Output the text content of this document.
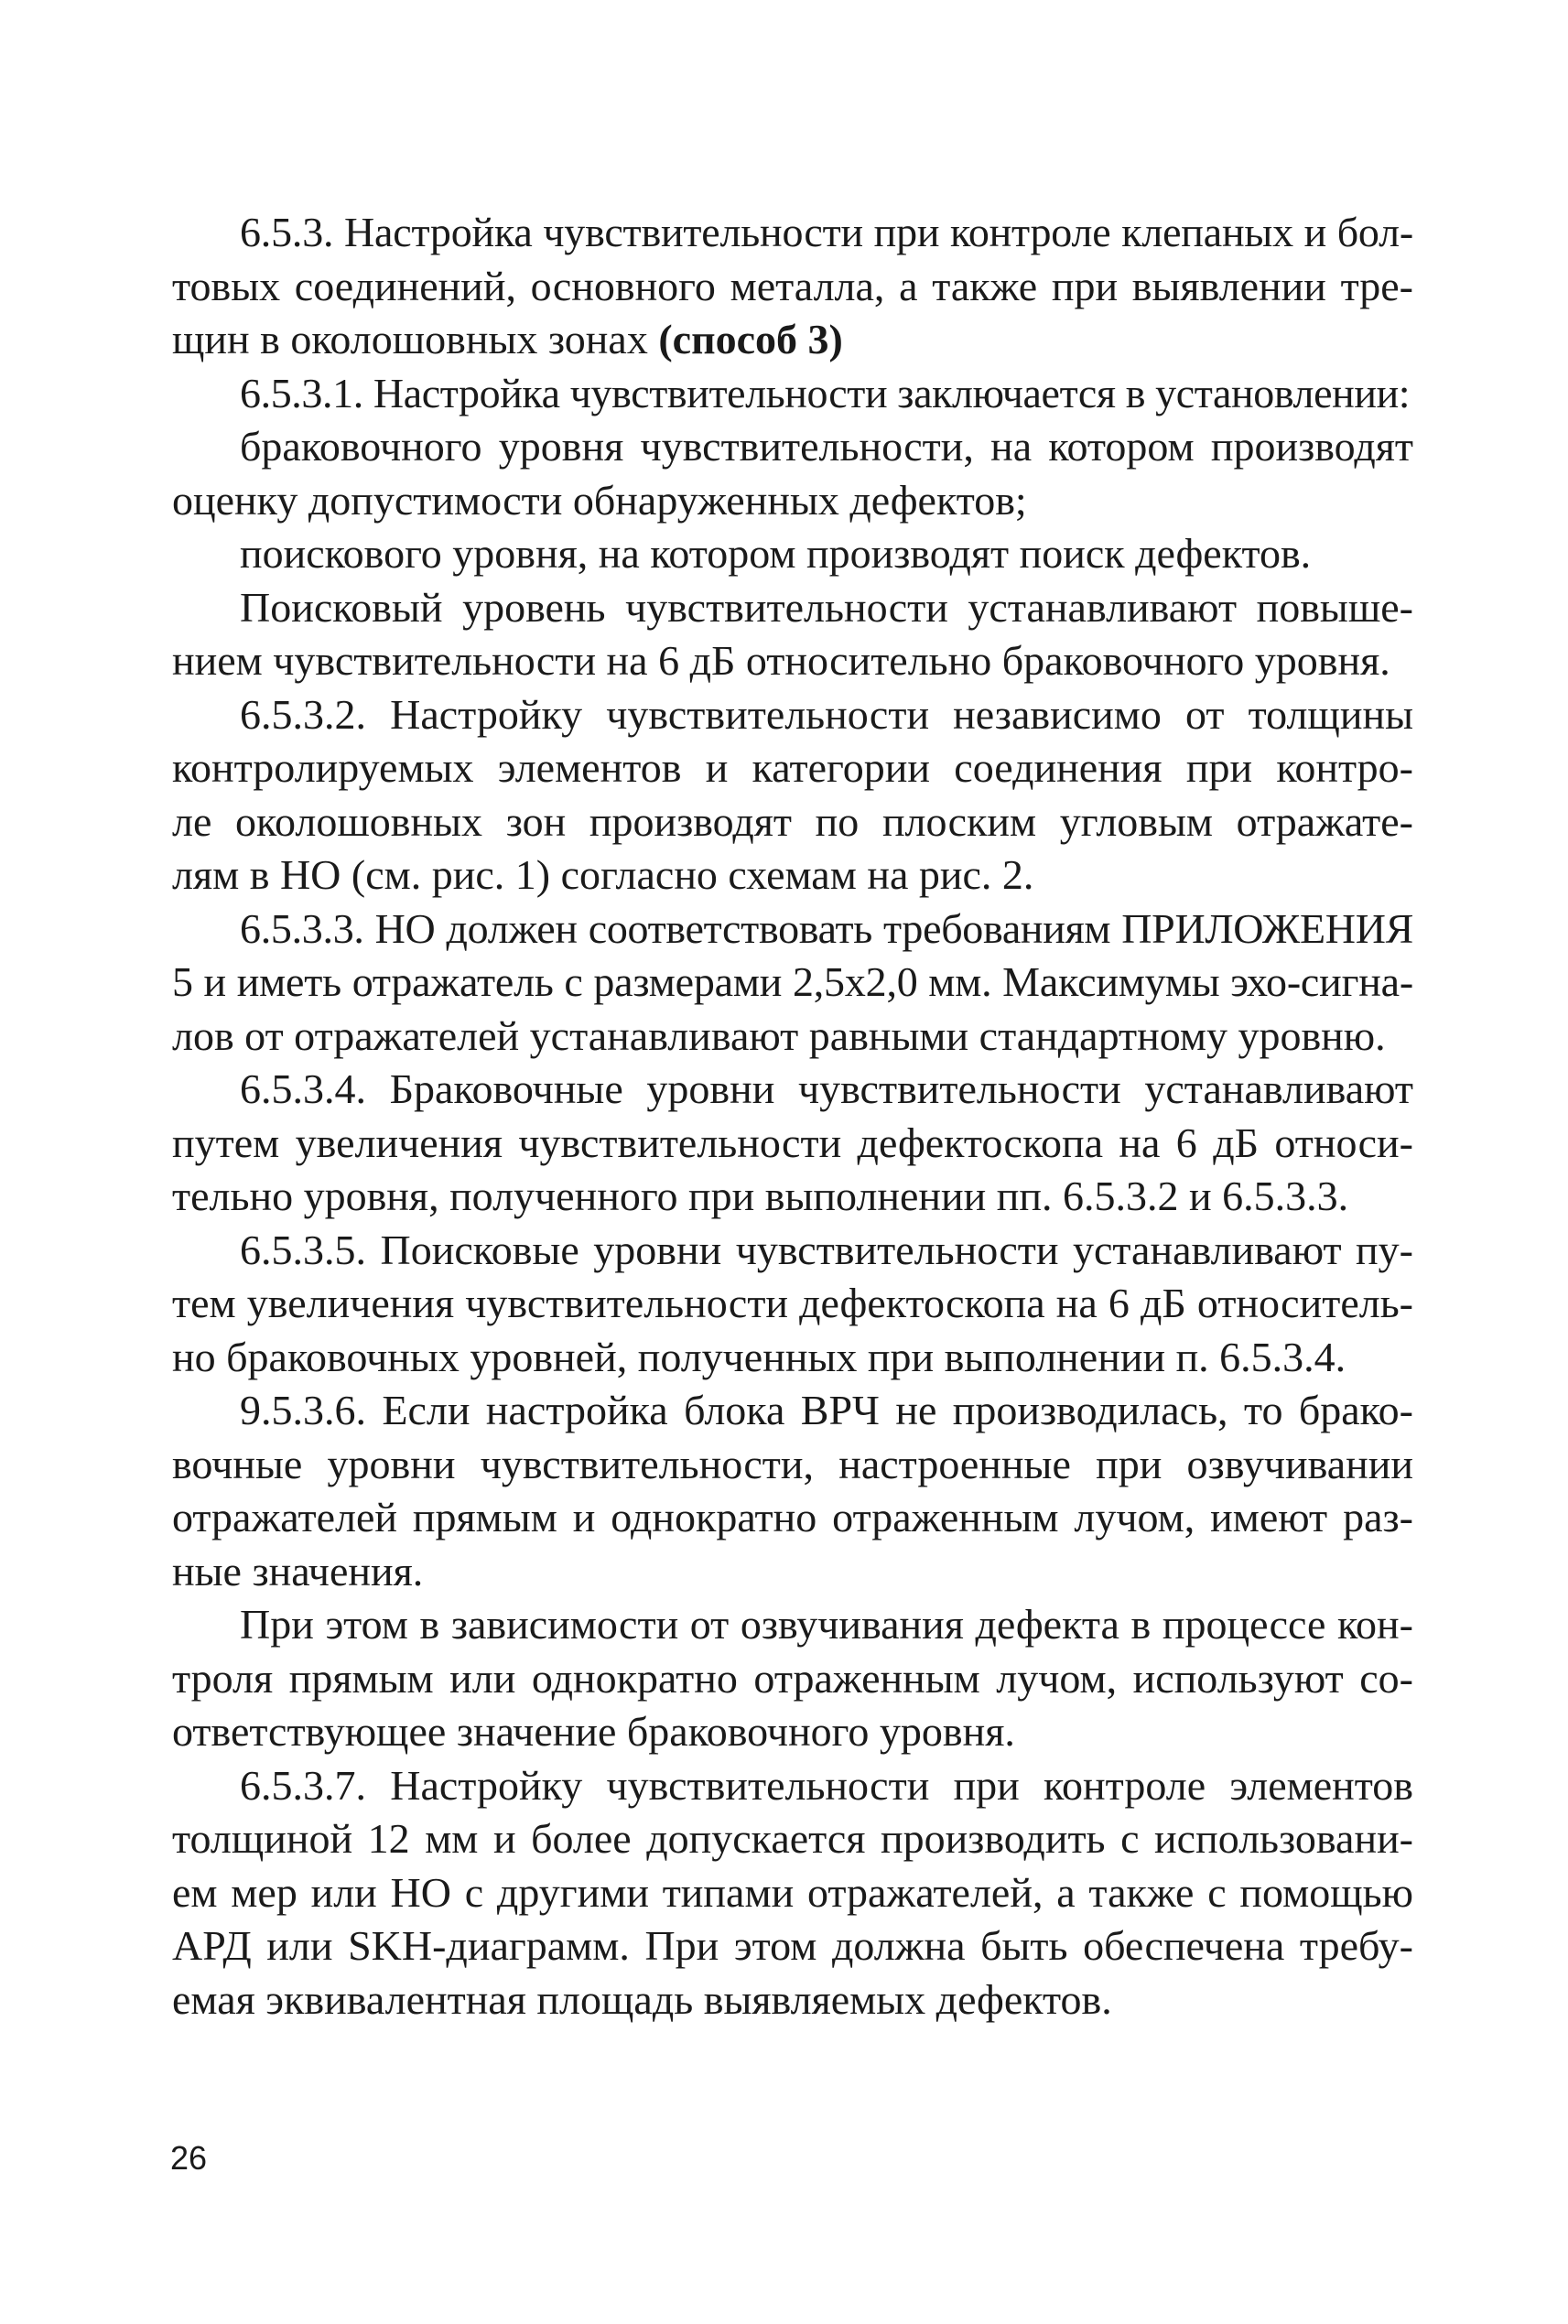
6.5.3. Настройка чувствительности при контроле клепаных и бол-
товых соединений, основного металла, а также при выявлении тре-
щин в околошовных зонах (способ 3)
6.5.3.1. Настройка чувствительности заключается в установлении:
браковочного уровня чувствительности, на котором производят
оценку допустимости обнаруженных дефектов;
поискового уровня, на котором производят поиск дефектов.
Поисковый уровень чувствительности устанавливают повыше-
нием чувствительности на 6 дБ относительно браковочного уровня.
6.5.3.2. Настройку чувствительности независимо от толщины
контролируемых элементов и категории соединения при контро-
ле околошовных зон производят по плоским угловым отражате-
лям в НО (см. рис. 1) согласно схемам на рис. 2.
6.5.3.3. НО должен соответствовать требованиям ПРИЛОЖЕНИЯ
5 и иметь отражатель с размерами 2,5х2,0 мм. Максимумы эхо-сигна-
лов от отражателей устанавливают равными стандартному уровню.
6.5.3.4. Браковочные уровни чувствительности устанавливают
путем увеличения чувствительности дефектоскопа на 6 дБ относи-
тельно уровня, полученного при выполнении пп. 6.5.3.2 и 6.5.3.3.
6.5.3.5. Поисковые уровни чувствительности устанавливают пу-
тем увеличения чувствительности дефектоскопа на 6 дБ относитель-
но браковочных уровней, полученных при выполнении п. 6.5.3.4.
9.5.3.6. Если настройка блока ВРЧ не производилась, то брако-
вочные уровни чувствительности, настроенные при озвучивании
отражателей прямым и однократно отраженным лучом, имеют раз-
ные значения.
При этом в зависимости от озвучивания дефекта в процессе кон-
троля прямым или однократно отраженным лучом, используют со-
ответствующее значение браковочного уровня.
6.5.3.7. Настройку чувствительности при контроле элементов
толщиной 12 мм и более допускается производить с использовани-
ем мер или НО с другими типами отражателей, а также с помощью
АРД или SKH-диаграмм. При этом должна быть обеспечена требу-
емая эквивалентная площадь выявляемых дефектов.
26
